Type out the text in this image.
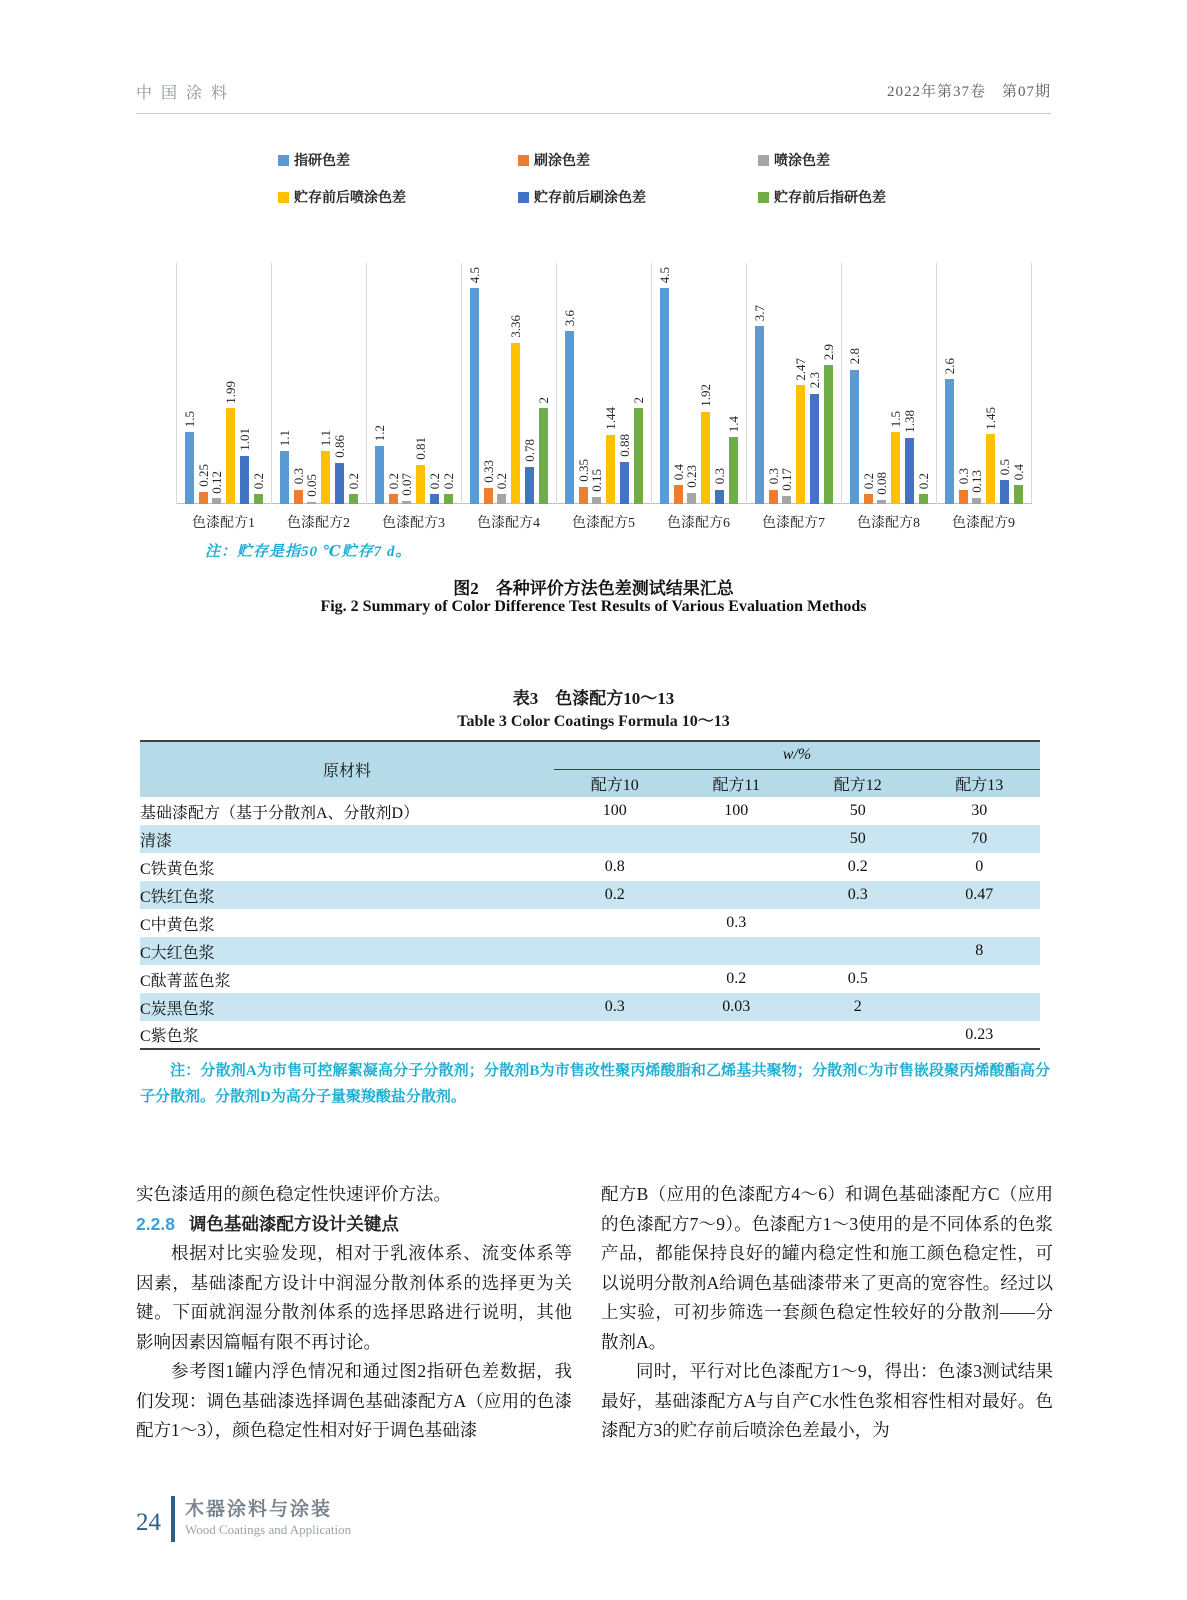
中国涂料	2022年第37卷　第07期
指研色差	刷涂色差	喷涂色差
贮存前后喷涂色差	贮存前后刷涂色差	贮存前后指研色差
1.5
0.25
0.12
1.99
1.01
0.2
色漆配方1
1.1
0.3
0.05
1.1
0.86
0.2
色漆配方2
1.2
0.2
0.07
0.81
0.2
0.2
色漆配方3
4.5
0.33
0.2
3.36
0.78
2
色漆配方4
3.6
0.35
0.15
1.44
0.88
2
色漆配方5
4.5
0.4
0.23
1.92
0.3
1.4
色漆配方6
3.7
0.3
0.17
2.47
2.3
2.9
色漆配方7
2.8
0.2
0.08
1.5
1.38
0.2
色漆配方8
2.6
0.3
0.13
1.45
0.5
0.4
色漆配方9
注：贮存是指50 ℃贮存7 d。
图2　各种评价方法色差测试结果汇总
Fig. 2 Summary of Color Difference Test Results of Various Evaluation Methods
表3　色漆配方10～13
Table 3 Color Coatings Formula 10～13
原材料	w/%			
	配方10	配方11	配方12	配方13
基础漆配方（基于分散剂A、分散剂D）	100	100	50	30
清漆			50	70
C铁黄色浆	0.8		0.2	0
C铁红色浆	0.2		0.3	0.47
C中黄色浆		0.3		
C大红色浆				8
C酞菁蓝色浆		0.2	0.5	
C炭黑色浆	0.3	0.03	2	
C紫色浆				0.23
注：分散剂A为市售可控解絮凝高分子分散剂；分散剂B为市售改性聚丙烯酸脂和乙烯基共聚物；分散剂C为市售嵌段聚丙烯酸酯高分子分散剂。分散剂D为高分子量聚羧酸盐分散剂。

实色漆适用的颜色稳定性快速评价方法。

2.2.8 调色基础漆配方设计关键点

根据对比实验发现，相对于乳液体系、流变体系等因素，基础漆配方设计中润湿分散剂体系的选择更为关键。下面就润湿分散剂体系的选择思路进行说明，其他影响因素因篇幅有限不再讨论。

参考图1罐内浮色情况和通过图2指研色差数据，我们发现：调色基础漆选择调色基础漆配方A（应用的色漆配方1～3），颜色稳定性相对好于调色基础漆

配方B（应用的色漆配方4～6）和调色基础漆配方C（应用的色漆配方7～9）。色漆配方1～3使用的是不同体系的色浆产品，都能保持良好的罐内稳定性和施工颜色稳定性，可以说明分散剂A给调色基础漆带来了更高的宽容性。经过以上实验，可初步筛选一套颜色稳定性较好的分散剂——分散剂A。

同时，平行对比色漆配方1～9，得出：色漆3测试结果最好，基础漆配方A与自产C水性色浆相容性相对最好。色漆配方3的贮存前后喷涂色差最小，为

24 木器涂料与涂装
Wood Coatings and Application
